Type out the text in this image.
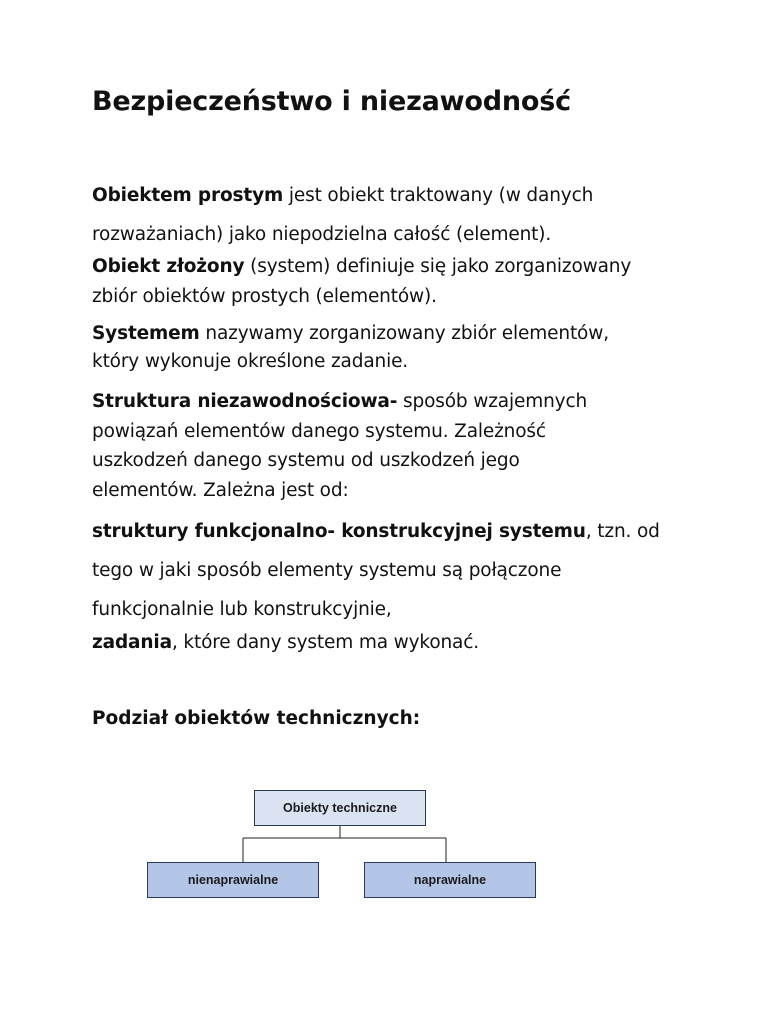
Bezpieczeństwo i niezawodność

Obiektem prostym jest obiekt traktowany (w danych
rozważaniach) jako niepodzielna całość (element).

Obiekt złożony (system) definiuje się jako zorganizowany
zbiór obiektów prostych (elementów).

Systemem nazywamy zorganizowany zbiór elementów,
który wykonuje określone zadanie.

Struktura niezawodnościowa- sposób wzajemnych
powiązań elementów danego systemu. Zależność
uszkodzeń danego systemu od uszkodzeń jego
elementów. Zależna jest od:

struktury funkcjonalno- konstrukcyjnej systemu, tzn. od
tego w jaki sposób elementy systemu są połączone
funkcjonalnie lub konstrukcyjnie,

zadania, które dany system ma wykonać.

Podział obiektów technicznych:

Obiekty techniczne
nienaprawialne	naprawialne
